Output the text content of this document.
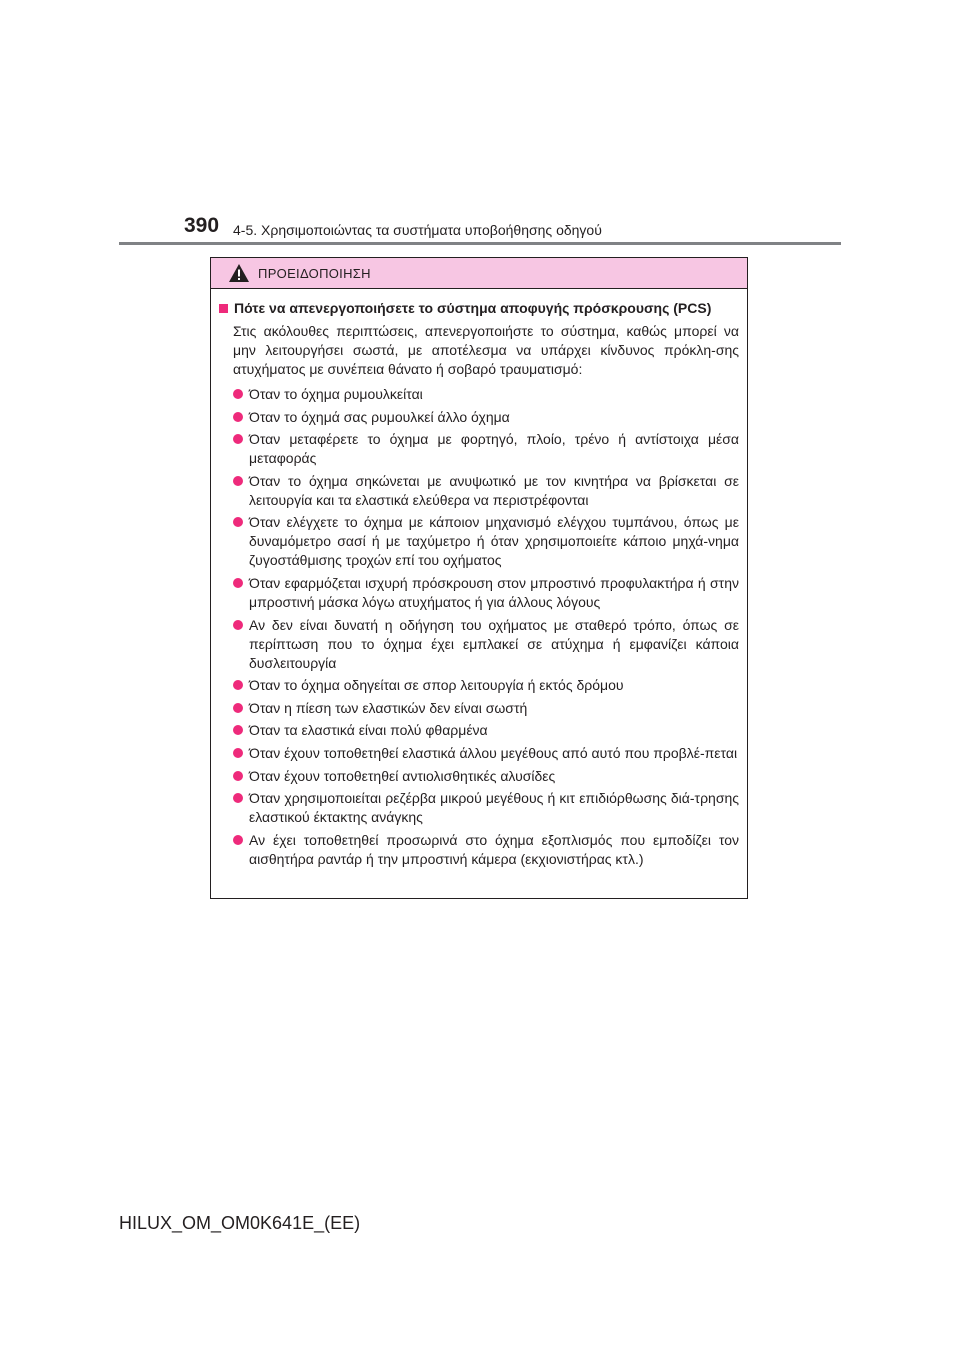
390 4-5. Χρησιμοποιώντας τα συστήματα υποβοήθησης οδηγού
ΠΡΟΕΙΔΟΠΟΙΗΣΗ
Πότε να απενεργοποιήσετε το σύστημα αποφυγής πρόσκρουσης (PCS)

Στις ακόλουθες περιπτώσεις, απενεργοποιήστε το σύστημα, καθώς μπορεί να μην λειτουργήσει σωστά, με αποτέλεσμα να υπάρχει κίνδυνος πρόκλη-σης ατυχήματος με συνέπεια θάνατο ή σοβαρό τραυματισμό:

Όταν το όχημα ρυμουλκείται
Όταν το όχημά σας ρυμουλκεί άλλο όχημα
Όταν μεταφέρετε το όχημα με φορτηγό, πλοίο, τρένο ή αντίστοιχα μέσα μεταφοράς
Όταν το όχημα σηκώνεται με ανυψωτικό με τον κινητήρα να βρίσκεται σε λειτουργία και τα ελαστικά ελεύθερα να περιστρέφονται
Όταν ελέγχετε το όχημα με κάποιον μηχανισμό ελέγχου τυμπάνου, όπως με δυναμόμετρο σασί ή με ταχύμετρο ή όταν χρησιμοποιείτε κάποιο μηχά-νημα ζυγοστάθμισης τροχών επί του οχήματος
Όταν εφαρμόζεται ισχυρή πρόσκρουση στον μπροστινό προφυλακτήρα ή στην μπροστινή μάσκα λόγω ατυχήματος ή για άλλους λόγους
Αν δεν είναι δυνατή η οδήγηση του οχήματος με σταθερό τρόπο, όπως σε περίπτωση που το όχημα έχει εμπλακεί σε ατύχημα ή εμφανίζει κάποια δυσλειτουργία
Όταν το όχημα οδηγείται σε σπορ λειτουργία ή εκτός δρόμου
Όταν η πίεση των ελαστικών δεν είναι σωστή
Όταν τα ελαστικά είναι πολύ φθαρμένα
Όταν έχουν τοποθετηθεί ελαστικά άλλου μεγέθους από αυτό που προβλέ-πεται
Όταν έχουν τοποθετηθεί αντιολισθητικές αλυσίδες
Όταν χρησιμοποιείται ρεζέρβα μικρού μεγέθους ή κιτ επιδιόρθωσης διά-τρησης ελαστικού έκτακτης ανάγκης
Αν έχει τοποθετηθεί προσωρινά στο όχημα εξοπλισμός που εμποδίζει τον αισθητήρα ραντάρ ή την μπροστινή κάμερα (εκχιονιστήρας κτλ.)
HILUX_OM_OM0K641E_(EE)
